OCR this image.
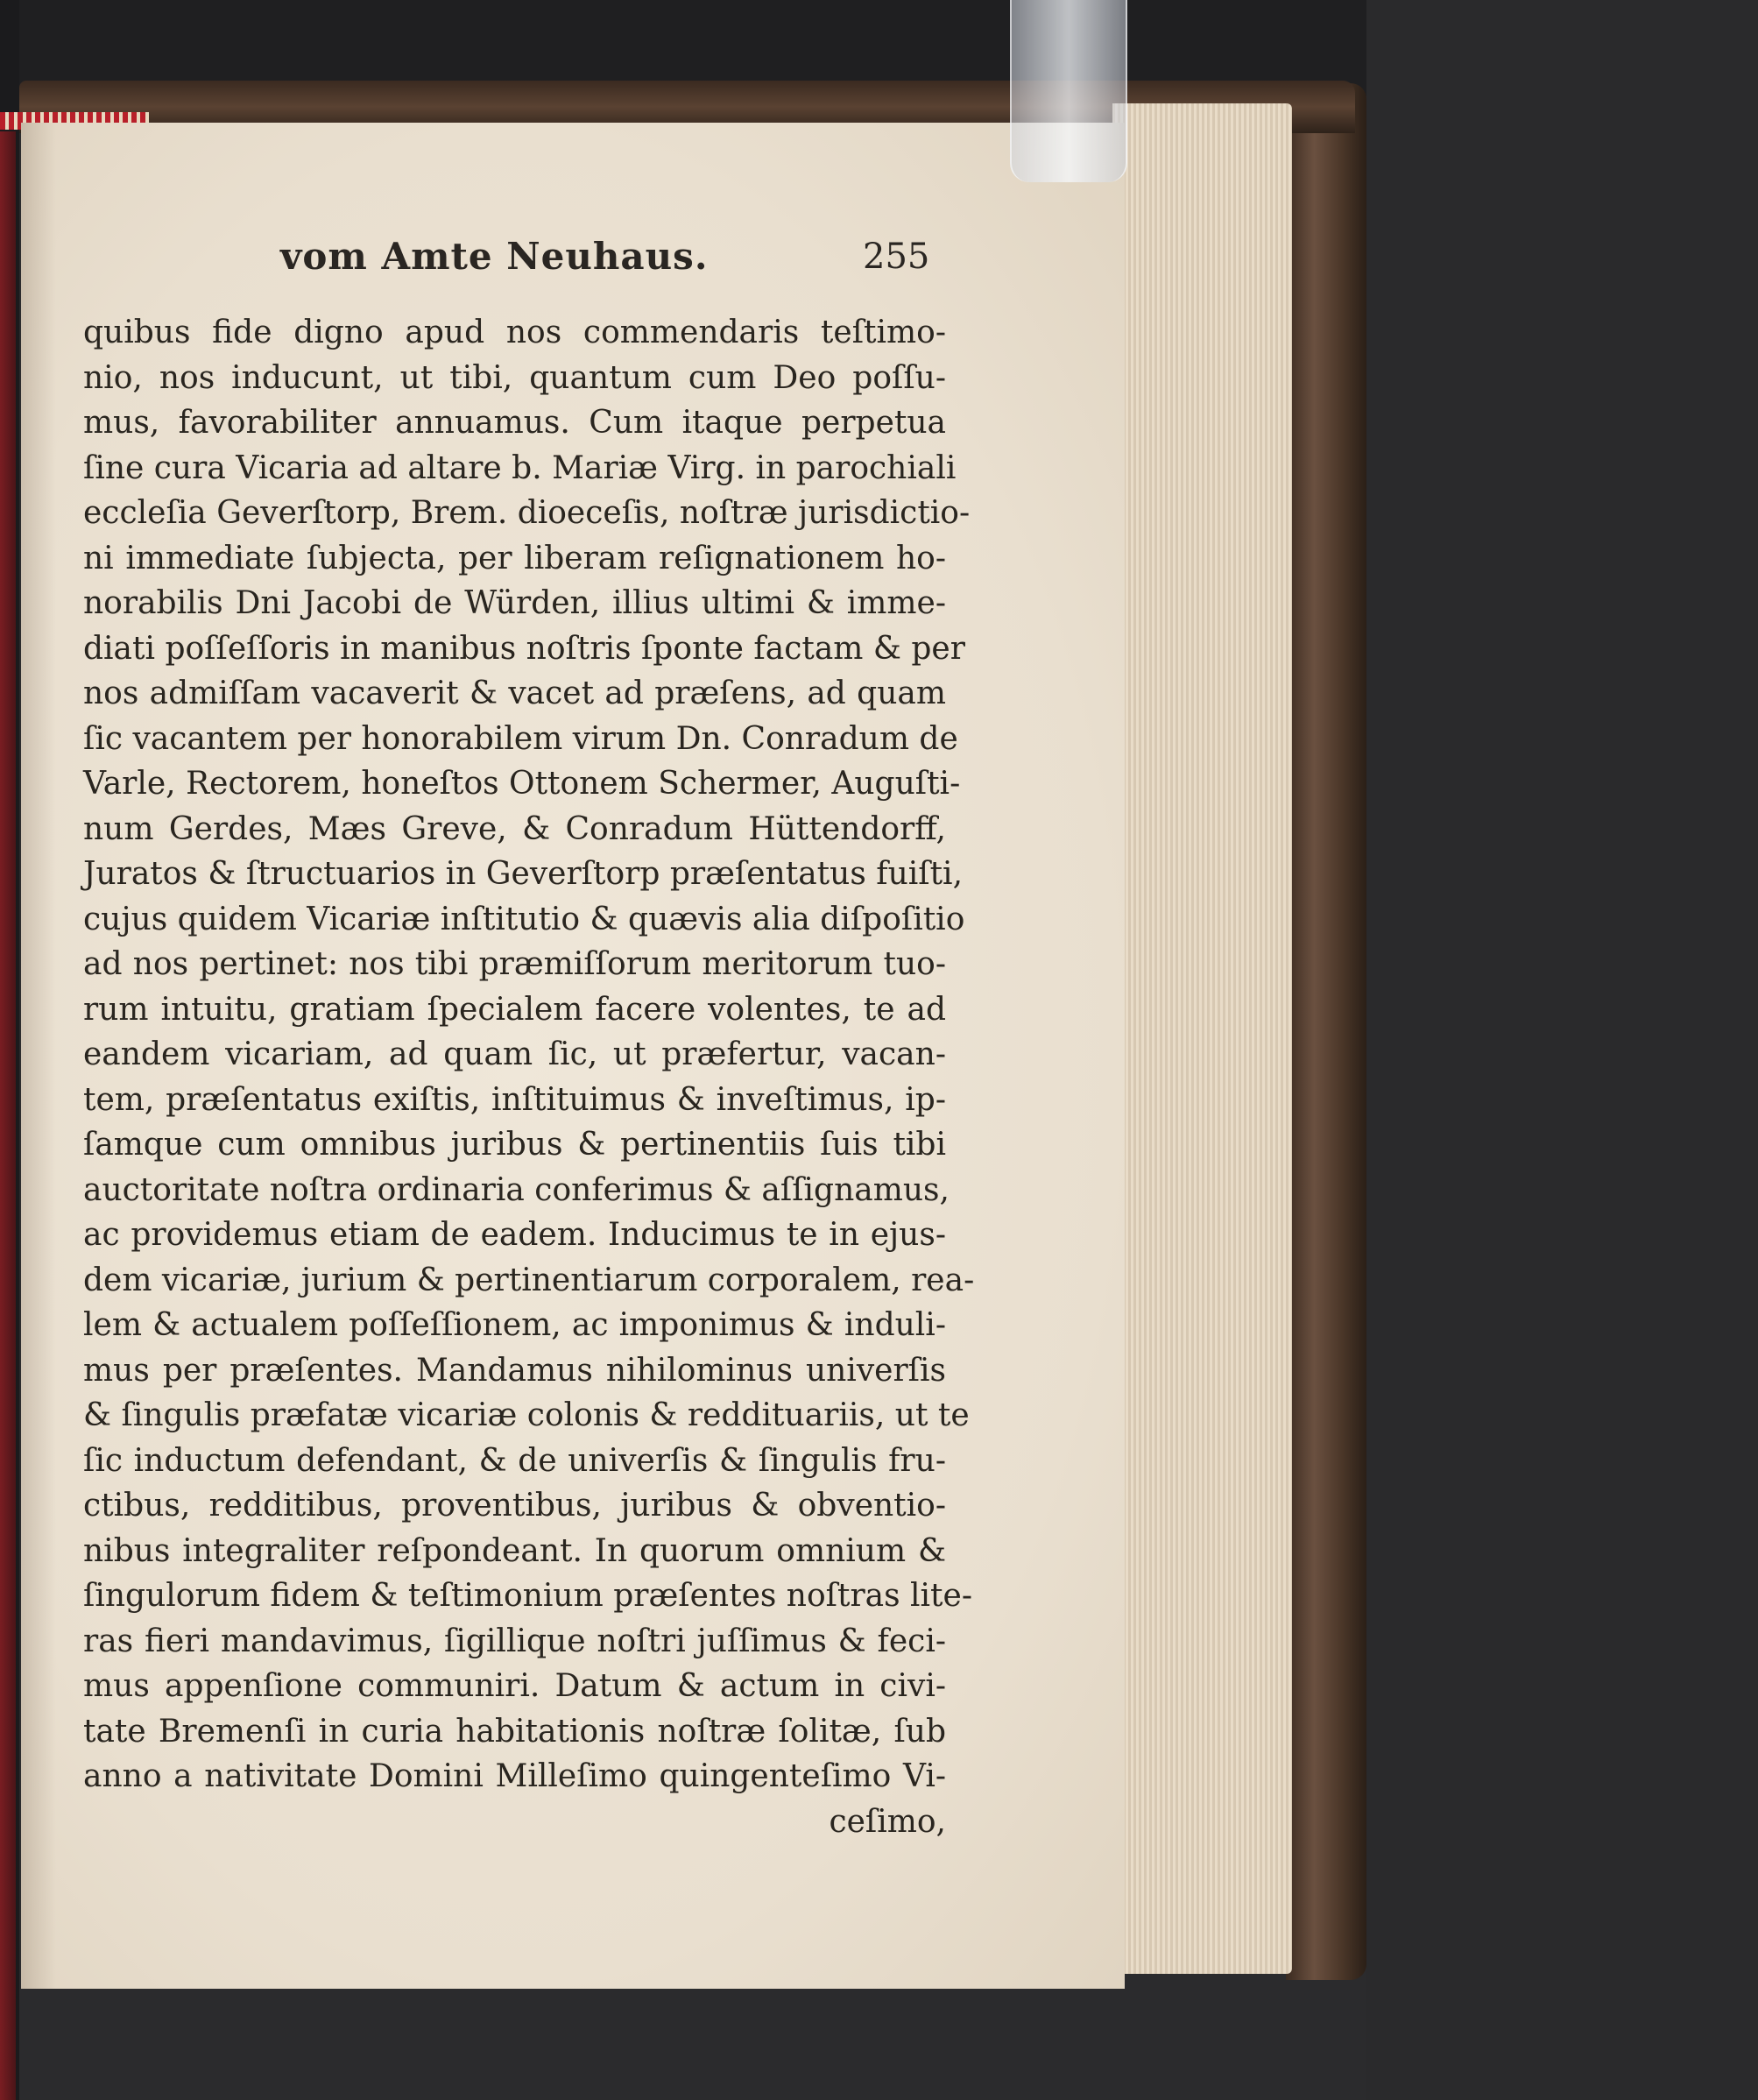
vom Amte Neuhaus.	255
quibus fide digno apud nos commendaris teſtimo-
nio, nos inducunt, ut tibi, quantum cum Deo poſſu-
mus, favorabiliter annuamus. Cum itaque perpetua
ſine cura Vicaria ad altare b. Mariæ Virg. in parochiali
eccleſia Geverſtorp, Brem. dioeceſis, noſtræ jurisdictio-
ni immediate ſubjecta, per liberam reſignationem ho-
norabilis Dni Jacobi de Würden, illius ultimi & imme-
diati poſſeſſoris in manibus noſtris ſponte factam & per
nos admiſſam vacaverit & vacet ad præſens, ad quam
ſic vacantem per honorabilem virum Dn. Conradum de
Varle, Rectorem, honeſtos Ottonem Schermer, Auguſti-
num Gerdes, Mæs Greve, & Conradum Hüttendorff,
Juratos & ſtructuarios in Geverſtorp præſentatus fuiſti,
cujus quidem Vicariæ inſtitutio & quævis alia diſpoſitio
ad nos pertinet: nos tibi præmiſſorum meritorum tuo-
rum intuitu, gratiam ſpecialem facere volentes, te ad
eandem vicariam, ad quam ſic, ut præfertur, vacan-
tem, præſentatus exiſtis, inſtituimus & inveſtimus, ip-
ſamque cum omnibus juribus & pertinentiis ſuis tibi
auctoritate noſtra ordinaria conferimus & aſſignamus,
ac providemus etiam de eadem. Inducimus te in ejus-
dem vicariæ, jurium & pertinentiarum corporalem, rea-
lem & actualem poſſeſſionem, ac imponimus & induli-
mus per præſentes. Mandamus nihilominus univerſis
& ſingulis præfatæ vicariæ colonis & reddituariis, ut te
ſic inductum defendant, & de univerſis & ſingulis fru-
ctibus, redditibus, proventibus, juribus & obventio-
nibus integraliter reſpondeant. In quorum omnium &
ſingulorum fidem & teſtimonium præſentes noſtras lite-
ras fieri mandavimus, ſigillique noſtri juſſimus & feci-
mus appenſione communiri. Datum & actum in civi-
tate Bremenſi in curia habitationis noſtræ ſolitæ, ſub
anno a nativitate Domini Milleſimo quingenteſimo Vi-
ceſimo,
